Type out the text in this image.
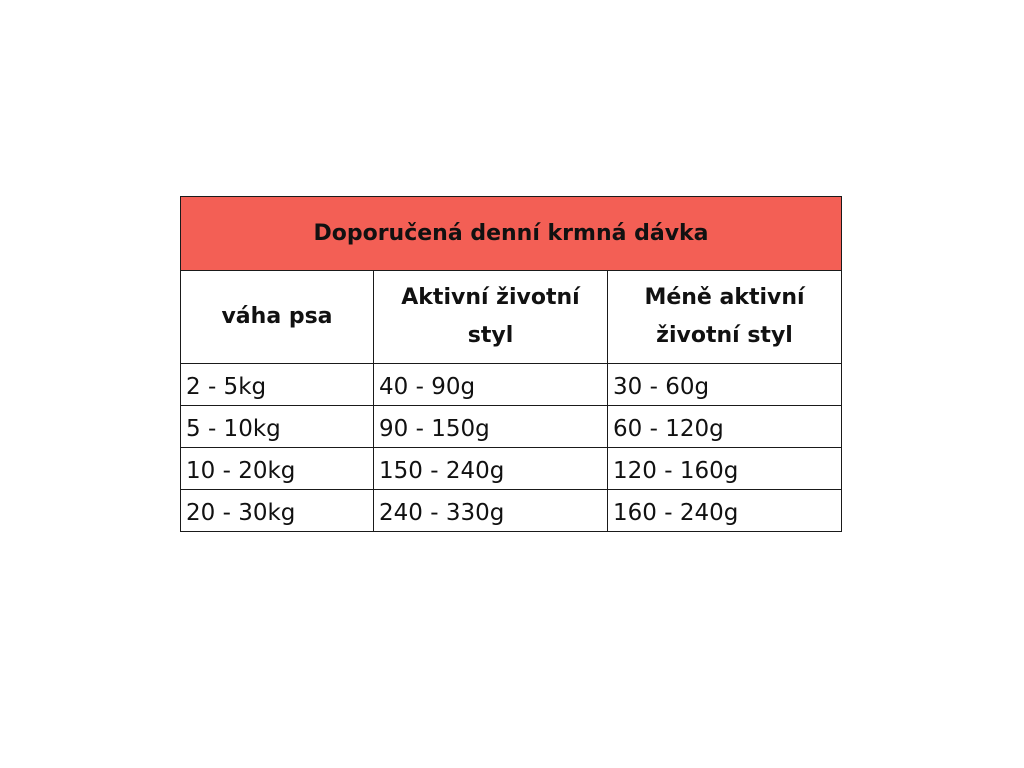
Doporučená denní krmná dávka		
váha psa	Aktivní životní styl	Méně aktivní životní styl
2 - 5kg	40 - 90g	30 - 60g
5 - 10kg	90 - 150g	60 - 120g
10 - 20kg	150 - 240g	120 - 160g
20 - 30kg	240 - 330g	160 - 240g
